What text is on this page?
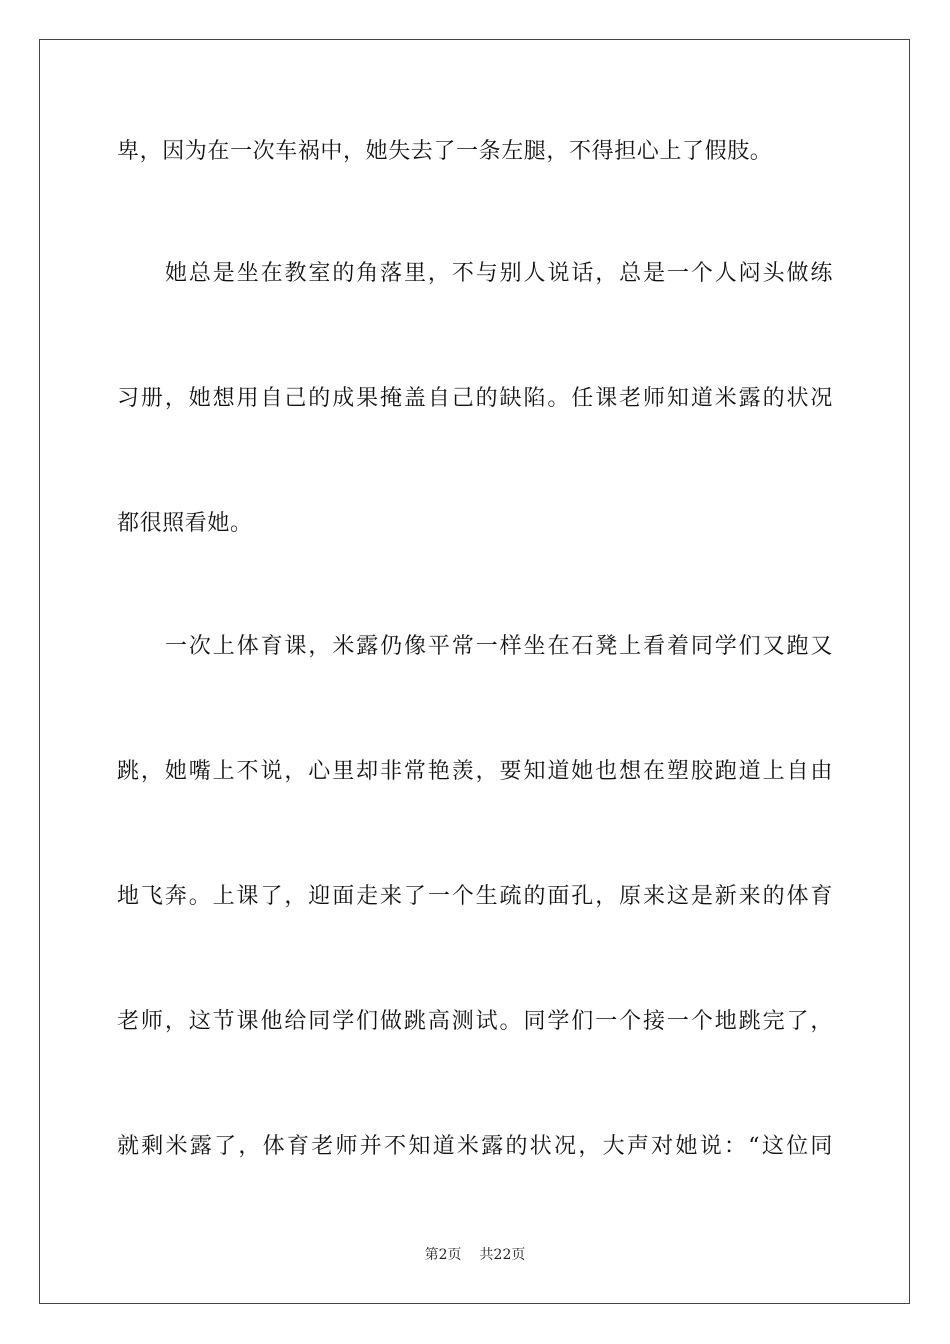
卑，因为在一次车祸中，她失去了一条左腿，不得担心上了假肢。
她总是坐在教室的角落里，不与别人说话，总是一个人闷头做练
习册，她想用自己的成果掩盖自己的缺陷。任课老师知道米露的状况
都很照看她。
一次上体育课，米露仍像平常一样坐在石凳上看着同学们又跑又
跳，她嘴上不说，心里却非常艳羡，要知道她也想在塑胶跑道上自由
地飞奔。上课了，迎面走来了一个生疏的面孔，原来这是新来的体育
老师，这节课他给同学们做跳高测试。同学们一个接一个地跳完了，
就剩米露了，体育老师并不知道米露的状况，大声对她说：“这位同
第2页 共22页
